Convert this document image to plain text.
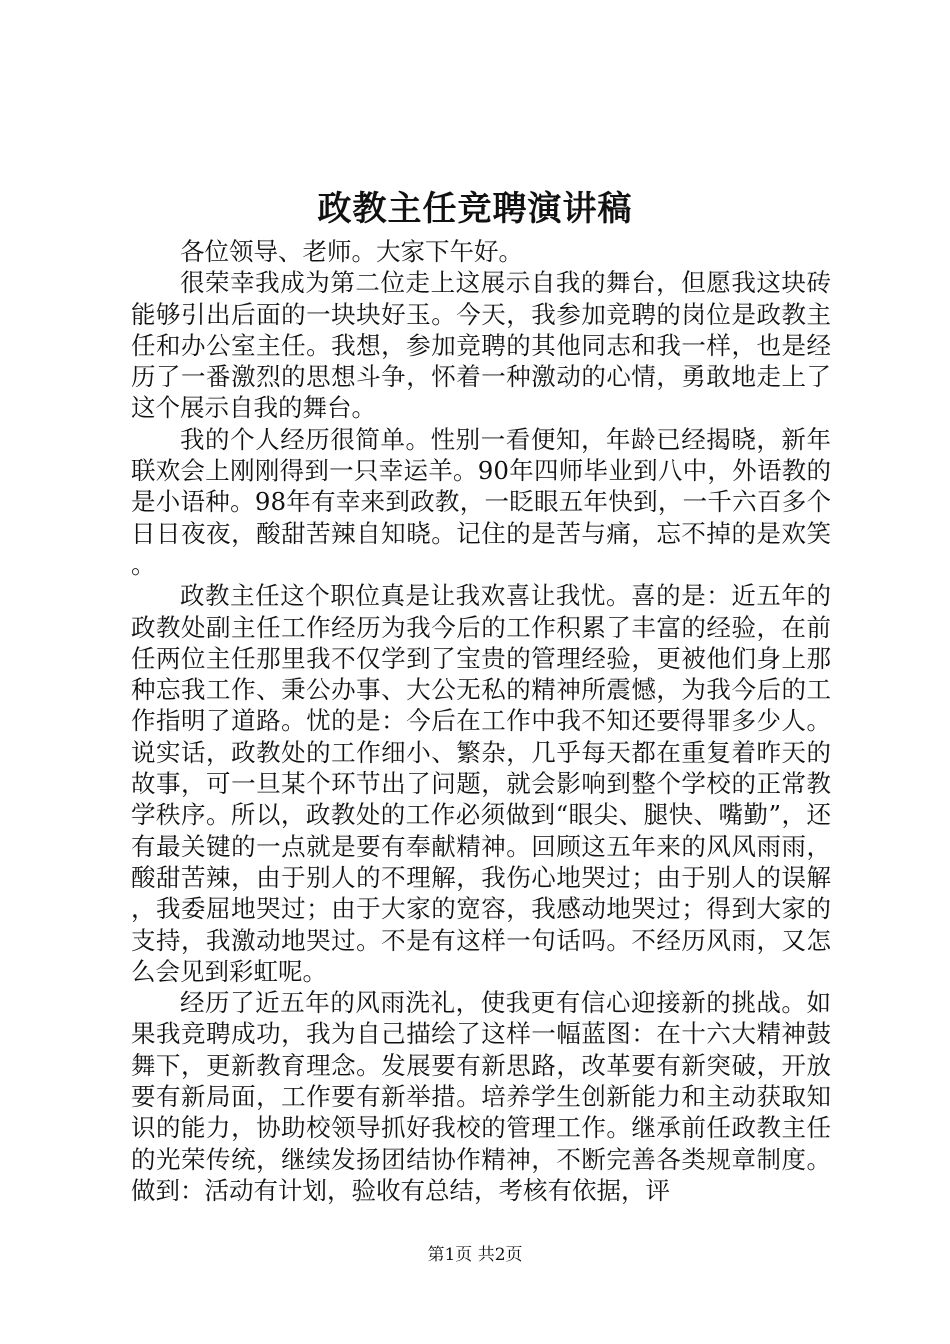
政教主任竞聘演讲稿

各位领导、老师。大家下午好。

很荣幸我成为第二位走上这展示自我的舞台，但愿我这块砖能够引出后面的一块块好玉。今天，我参加竞聘的岗位是政教主任和办公室主任。我想，参加竞聘的其他同志和我一样，也是经历了一番激烈的思想斗争，怀着一种激动的心情，勇敢地走上了这个展示自我的舞台。

我的个人经历很简单。性别一看便知，年龄已经揭晓，新年联欢会上刚刚得到一只幸运羊。90年四师毕业到八中，外语教的是小语种。98年有幸来到政教，一眨眼五年快到，一千六百多个日日夜夜，酸甜苦辣自知晓。记住的是苦与痛，忘不掉的是欢笑。

政教主任这个职位真是让我欢喜让我忧。喜的是：近五年的政教处副主任工作经历为我今后的工作积累了丰富的经验，在前任两位主任那里我不仅学到了宝贵的管理经验，更被他们身上那种忘我工作、秉公办事、大公无私的精神所震憾，为我今后的工作指明了道路。忧的是：今后在工作中我不知还要得罪多少人。说实话，政教处的工作细小、繁杂，几乎每天都在重复着昨天的故事，可一旦某个环节出了问题，就会影响到整个学校的正常教学秩序。所以，政教处的工作必须做到“眼尖、腿快、嘴勤”，还有最关键的一点就是要有奉献精神。回顾这五年来的风风雨雨，酸甜苦辣，由于别人的不理解，我伤心地哭过；由于别人的误解，我委屈地哭过；由于大家的宽容，我感动地哭过；得到大家的支持，我激动地哭过。不是有这样一句话吗。不经历风雨，又怎么会见到彩虹呢。

经历了近五年的风雨洗礼，使我更有信心迎接新的挑战。如果我竞聘成功，我为自己描绘了这样一幅蓝图：在十六大精神鼓舞下，更新教育理念。发展要有新思路，改革要有新突破，开放要有新局面，工作要有新举措。培养学生创新能力和主动获取知识的能力，协助校领导抓好我校的管理工作。继承前任政教主任的光荣传统，继续发扬团结协作精神，不断完善各类规章制度。做到：活动有计划，验收有总结，考核有依据，评

第1页 共2页
